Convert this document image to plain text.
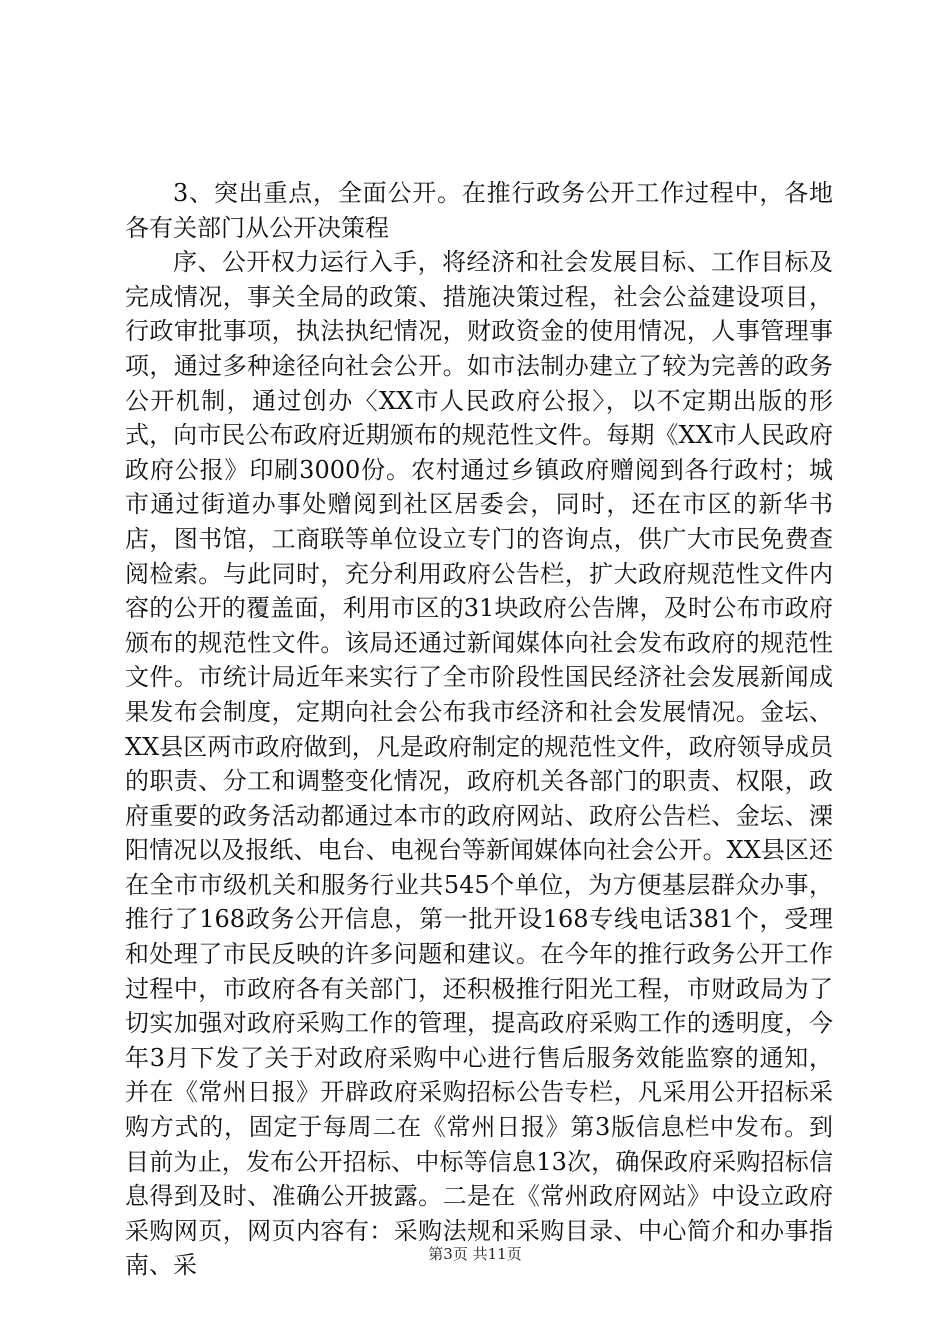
3、突出重点，全面公开。在推行政务公开工作过程中，各地各有关部门从公开决策程

序、公开权力运行入手，将经济和社会发展目标、工作目标及完成情况，事关全局的政策、措施决策过程，社会公益建设项目，行政审批事项，执法执纪情况，财政资金的使用情况，人事管理事项，通过多种途径向社会公开。如市法制办建立了较为完善的政务公开机制，通过创办〈XX市人民政府公报〉，以不定期出版的形式，向市民公布政府近期颁布的规范性文件。每期《XX市人民政府政府公报》印刷3000份。农村通过乡镇政府赠阅到各行政村；城市通过街道办事处赠阅到社区居委会，同时，还在市区的新华书店，图书馆，工商联等单位设立专门的咨询点，供广大市民免费查阅检索。与此同时，充分利用政府公告栏，扩大政府规范性文件内容的公开的覆盖面，利用市区的31块政府公告牌，及时公布市政府颁布的规范性文件。该局还通过新闻媒体向社会发布政府的规范性文件。市统计局近年来实行了全市阶段性国民经济社会发展新闻成果发布会制度，定期向社会公布我市经济和社会发展情况。金坛、XX县区两市政府做到，凡是政府制定的规范性文件，政府领导成员的职责、分工和调整变化情况，政府机关各部门的职责、权限，政府重要的政务活动都通过本市的政府网站、政府公告栏、金坛、溧阳情况以及报纸、电台、电视台等新闻媒体向社会公开。XX县区还在全市市级机关和服务行业共545个单位，为方便基层群众办事，推行了168政务公开信息，第一批开设168专线电话381个，受理和处理了市民反映的许多问题和建议。在今年的推行政务公开工作过程中，市政府各有关部门，还积极推行阳光工程，市财政局为了切实加强对政府采购工作的管理，提高政府采购工作的透明度，今年3月下发了关于对政府采购中心进行售后服务效能监察的通知，并在《常州日报》开辟政府采购招标公告专栏，凡采用公开招标采购方式的，固定于每周二在《常州日报》第3版信息栏中发布。到目前为止，发布公开招标、中标等信息13次，确保政府采购招标信息得到及时、准确公开披露。二是在《常州政府网站》中设立政府采购网页，网页内容有：采购法规和采购目录、中心简介和办事指南、采	第3页 共11页
